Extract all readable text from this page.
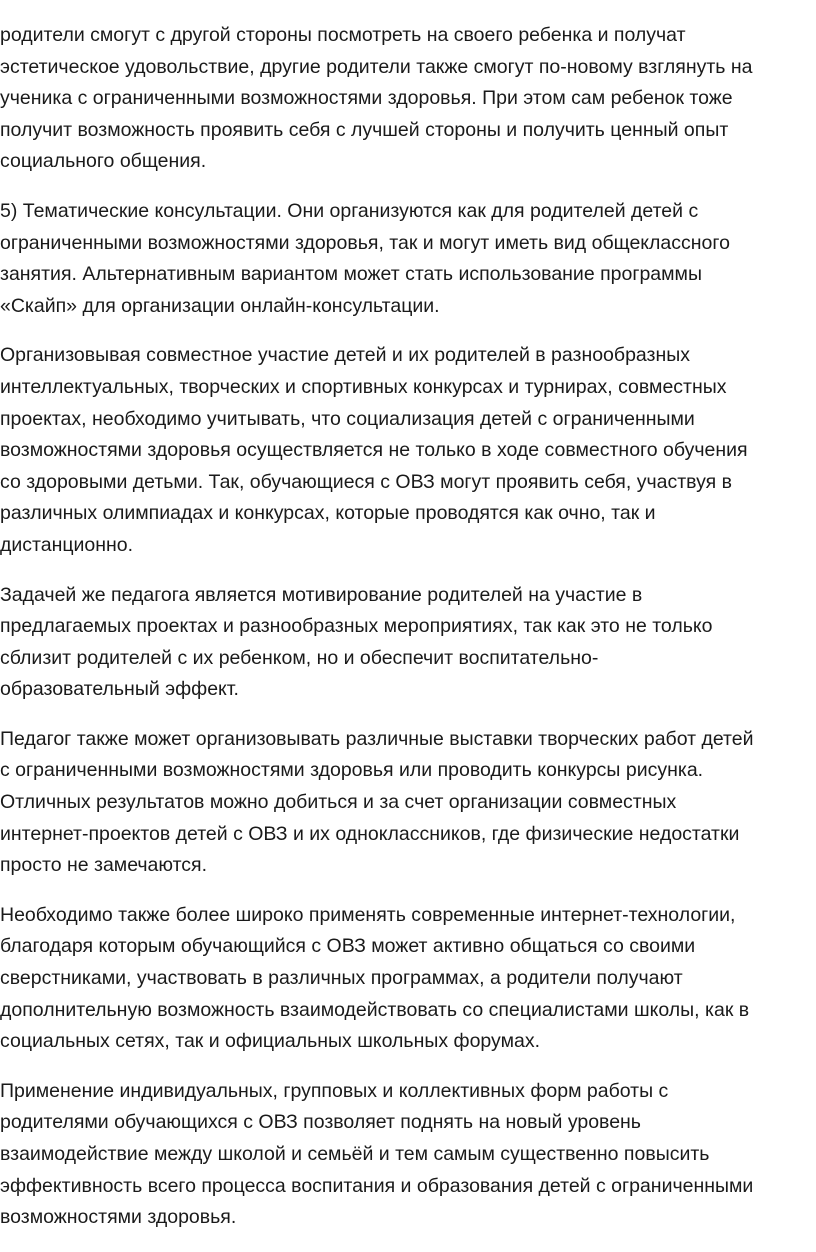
родители смогут с другой стороны посмотреть на своего ребенка и получат
эстетическое удовольствие, другие родители также смогут по-новому взглянуть на
ученика с ограниченными возможностями здоровья. При этом сам ребенок тоже
получит возможность проявить себя с лучшей стороны и получить ценный опыт
социального общения.

5) Тематические консультации. Они организуются как для родителей детей с
ограниченными возможностями здоровья, так и могут иметь вид общеклассного
занятия. Альтернативным вариантом может стать использование программы
«Скайп» для организации онлайн-консультации.

Организовывая совместное участие детей и их родителей в разнообразных
интеллектуальных, творческих и спортивных конкурсах и турнирах, совместных
проектах, необходимо учитывать, что социализация детей с ограниченными
возможностями здоровья осуществляется не только в ходе совместного обучения
со здоровыми детьми. Так, обучающиеся с ОВЗ могут проявить себя, участвуя в
различных олимпиадах и конкурсах, которые проводятся как очно, так и
дистанционно.

Задачей же педагога является мотивирование родителей на участие в
предлагаемых проектах и разнообразных мероприятиях, так как это не только
сблизит родителей с их ребенком, но и обеспечит воспитательно-
образовательный эффект.

Педагог также может организовывать различные выставки творческих работ детей
с ограниченными возможностями здоровья или проводить конкурсы рисунка.
Отличных результатов можно добиться и за счет организации совместных
интернет-проектов детей с ОВЗ и их одноклассников, где физические недостатки
просто не замечаются.

Необходимо также более широко применять современные интернет-технологии,
благодаря которым обучающийся с ОВЗ может активно общаться со своими
сверстниками, участвовать в различных программах, а родители получают
дополнительную возможность взаимодействовать со специалистами школы, как в
социальных сетях, так и официальных школьных форумах.

Применение индивидуальных, групповых и коллективных форм работы с
родителями обучающихся с ОВЗ позволяет поднять на новый уровень
взаимодействие между школой и семьёй и тем самым существенно повысить
эффективность всего процесса воспитания и образования детей с ограниченными
возможностями здоровья.
